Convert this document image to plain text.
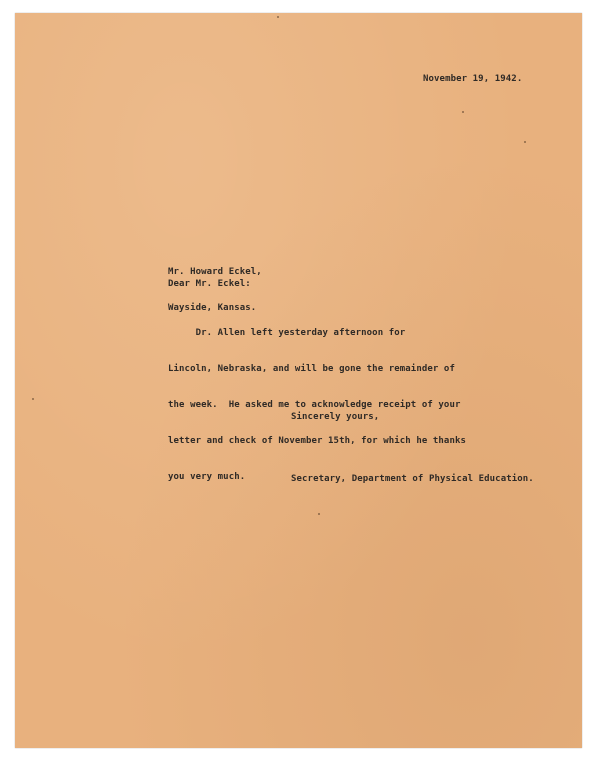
November 19, 1942.

Mr. Howard Eckel,

Wayside, Kansas.

Dear Mr. Eckel:

Dr. Allen left yesterday afternoon for

Lincoln, Nebraska, and will be gone the remainder of

the week.  He asked me to acknowledge receipt of your

letter and check of November 15th, for which he thanks

you very much.

Sincerely yours,

Secretary, Department of Physical Education.
